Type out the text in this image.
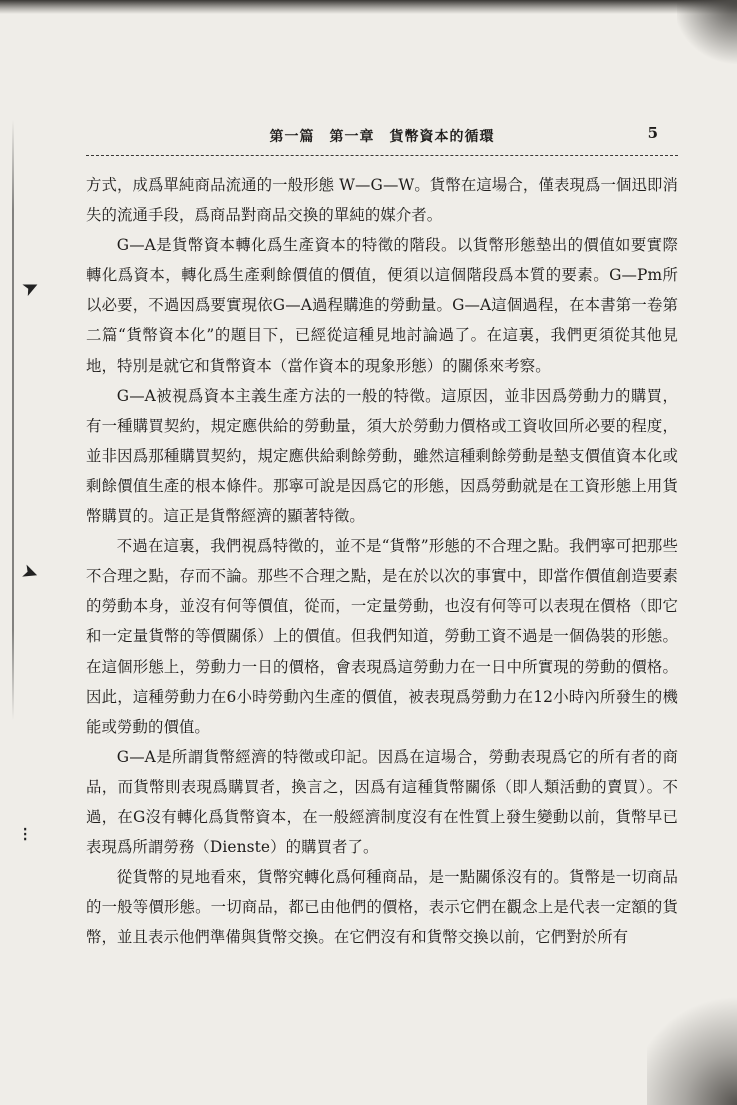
➤
➤
⁝
第一篇　第一章　貨幣資本的循環	5

方式，成爲單純商品流通的一般形態 W—G—W。貨幣在這場合，僅表現爲一個迅即消失的流通手段，爲商品對商品交換的單純的媒介者。

G—A是貨幣資本轉化爲生產資本的特徵的階段。以貨幣形態墊出的價值如要實際轉化爲資本，轉化爲生產剩餘價值的價值，便須以這個階段爲本質的要素。G—Pm所以必要，不過因爲要實現依G—A過程購進的勞動量。G—A這個過程，在本書第一卷第二篇“貨幣資本化”的題目下，已經從這種見地討論過了。在這裏，我們更須從其他見地，特別是就它和貨幣資本（當作資本的現象形態）的關係來考察。

G—A被視爲資本主義生產方法的一般的特徵。這原因，並非因爲勞動力的購買，有一種購買契約，規定應供給的勞動量，須大於勞動力價格或工資收回所必要的程度，並非因爲那種購買契約，規定應供給剩餘勞動，雖然這種剩餘勞動是墊支價值資本化或剩餘價值生產的根本條件。那寧可說是因爲它的形態，因爲勞動就是在工資形態上用貨幣購買的。這正是貨幣經濟的顯著特徵。

不過在這裏，我們視爲特徵的，並不是“貨幣”形態的不合理之點。我們寧可把那些不合理之點，存而不論。那些不合理之點，是在於以次的事實中，即當作價值創造要素的勞動本身，並沒有何等價值，從而，一定量勞動，也沒有何等可以表現在價格（即它和一定量貨幣的等價關係）上的價值。但我們知道，勞動工資不過是一個偽裝的形態。在這個形態上，勞動力一日的價格，會表現爲這勞動力在一日中所實現的勞動的價格。因此，這種勞動力在6小時勞動內生產的價值，被表現爲勞動力在12小時內所發生的機能或勞動的價值。

G—A是所謂貨幣經濟的特徵或印記。因爲在這場合，勞動表現爲它的所有者的商品，而貨幣則表現爲購買者，換言之，因爲有這種貨幣關係（即人類活動的賣買）。不過，在G沒有轉化爲貨幣資本，在一般經濟制度沒有在性質上發生變動以前，貨幣早已表現爲所謂勞務（Dienste）的購買者了。

從貨幣的見地看來，貨幣究轉化爲何種商品，是一點關係沒有的。貨幣是一切商品的一般等價形態。一切商品，都已由他們的價格，表示它們在觀念上是代表一定額的貨幣，並且表示他們準備與貨幣交換。在它們沒有和貨幣交換以前，它們對於所有
